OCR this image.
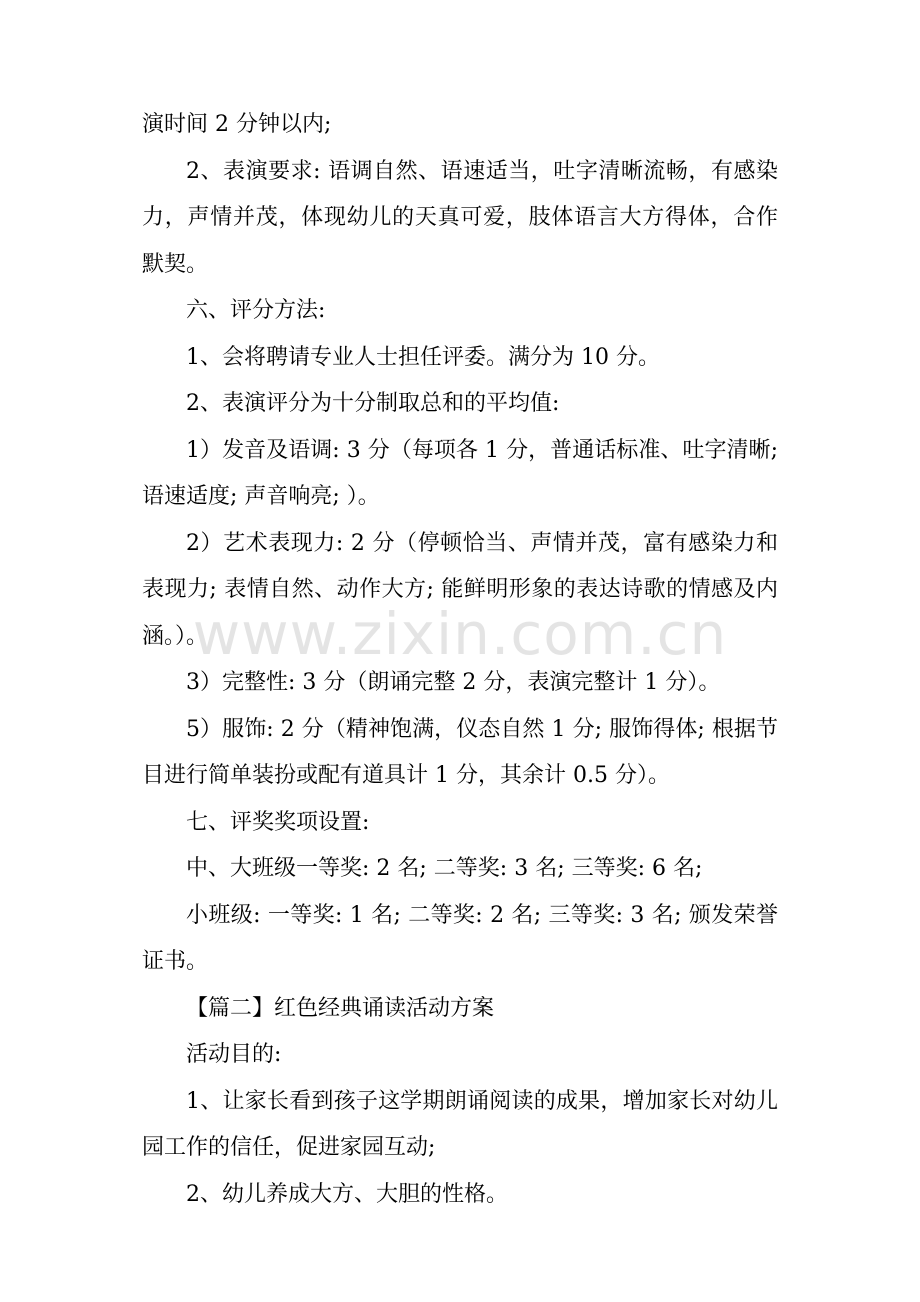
演时间 2 分钟以内;

2、表演要求: 语调自然、语速适当，吐字清晰流畅，有感染力，声情并茂，体现幼儿的天真可爱，肢体语言大方得体，合作默契。

六、评分方法:

1、会将聘请专业人士担任评委。满分为 10 分。

2、表演评分为十分制取总和的平均值:

1）发音及语调: 3 分（每项各 1 分，普通话标准、吐字清晰; 语速适度; 声音响亮; ）。

2）艺术表现力: 2 分（停顿恰当、声情并茂，富有感染力和表现力; 表情自然、动作大方; 能鲜明形象的表达诗歌的情感及内涵。）。

3）完整性: 3 分（朗诵完整 2 分，表演完整计 1 分）。

5）服饰: 2 分（精神饱满，仪态自然 1 分; 服饰得体; 根据节目进行简单装扮或配有道具计 1 分，其余计 0.5 分）。

七、评奖奖项设置:

中、大班级一等奖: 2 名; 二等奖: 3 名; 三等奖: 6 名;

小班级: 一等奖: 1 名; 二等奖: 2 名; 三等奖: 3 名; 颁发荣誉证书。

【篇二】红色经典诵读活动方案

活动目的:

1、让家长看到孩子这学期朗诵阅读的成果，增加家长对幼儿园工作的信任，促进家园互动;

2、幼儿养成大方、大胆的性格。

www.zixin.com.cn
